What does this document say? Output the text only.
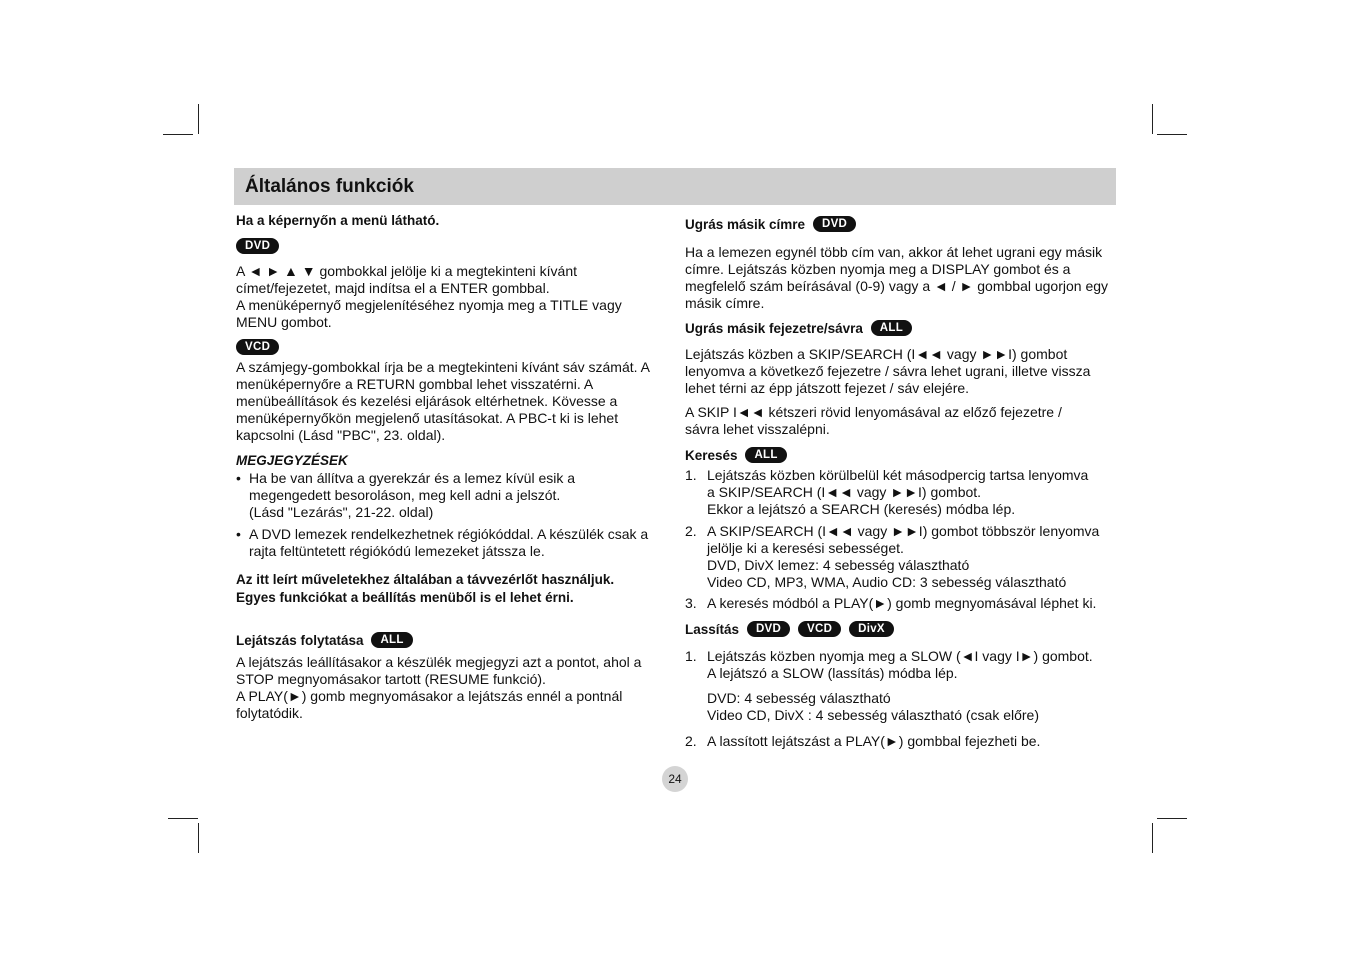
Általános funkciók

Ha a képernyőn a menü látható.

DVD

A ◄ ► ▲ ▼ gombokkal jelölje ki a megtekinteni kívánt
címet/fejezetet, majd indítsa el a ENTER gombbal.
A menüképernyő megjelenítéséhez nyomja meg a TITLE vagy
MENU gombot.

VCD

A számjegy-gombokkal írja be a megtekinteni kívánt sáv számát. A
menüképernyőre a RETURN gombbal lehet visszatérni. A
menübeállítások és kezelési eljárások eltérhetnek. Kövesse a
menüképernyőkön megjelenő utasításokat. A PBC-t ki is lehet
kapcsolni (Lásd "PBC", 23. oldal).

MEGJEGYZÉSEK

• Ha be van állítva a gyerekzár és a lemez kívül esik a
megengedett besoroláson, meg kell adni a jelszót.
(Lásd "Lezárás", 21-22. oldal)
• A DVD lemezek rendelkezhetnek régiókóddal. A készülék csak a
rajta feltüntetett régiókódú lemezeket játssza le.

Az itt leírt műveletekhez általában a távvezérlőt használjuk.
Egyes funkciókat a beállítás menüből is el lehet érni.

Lejátszás folytatása ALL

A lejátszás leállításakor a készülék megjegyzi azt a pontot, ahol a
STOP megnyomásakor tartott (RESUME funkció).
A PLAY(►) gomb megnyomásakor a lejátszás ennél a pontnál
folytatódik.

Ugrás másik címre DVD

Ha a lemezen egynél több cím van, akkor át lehet ugrani egy másik
címre. Lejátszás közben nyomja meg a DISPLAY gombot és a
megfelelő szám beírásával (0-9) vagy a ◄ / ► gombbal ugorjon egy
másik címre.

Ugrás másik fejezetre/sávra ALL

Lejátszás közben a SKIP/SEARCH (I◄◄ vagy ►►I) gombot
lenyomva a következő fejezetre / sávra lehet ugrani, illetve vissza
lehet térni az épp játszott fejezet / sáv elejére.

A SKIP I◄◄ kétszeri rövid lenyomásával az előző fejezetre /
sávra lehet visszalépni.

Keresés ALL

1. Lejátszás közben körülbelül két másodpercig tartsa lenyomva
a SKIP/SEARCH (I◄◄ vagy ►►I) gombot.
Ekkor a lejátszó a SEARCH (keresés) módba lép.
2. A SKIP/SEARCH (I◄◄ vagy ►►I) gombot többször lenyomva
jelölje ki a keresési sebességet.
DVD, DivX lemez: 4 sebesség választható
Video CD, MP3, WMA, Audio CD: 3 sebesség választható
3. A keresés módból a PLAY(►) gomb megnyomásával léphet ki.

Lassítás DVD VCD DivX

1. Lejátszás közben nyomja meg a SLOW (◄I vagy I►) gombot.
A lejátszó a SLOW (lassítás) módba lép.
DVD: 4 sebesség választható
Video CD, DivX : 4 sebesség választható (csak előre)
2. A lassított lejátszást a PLAY(►) gombbal fejezheti be.
24
